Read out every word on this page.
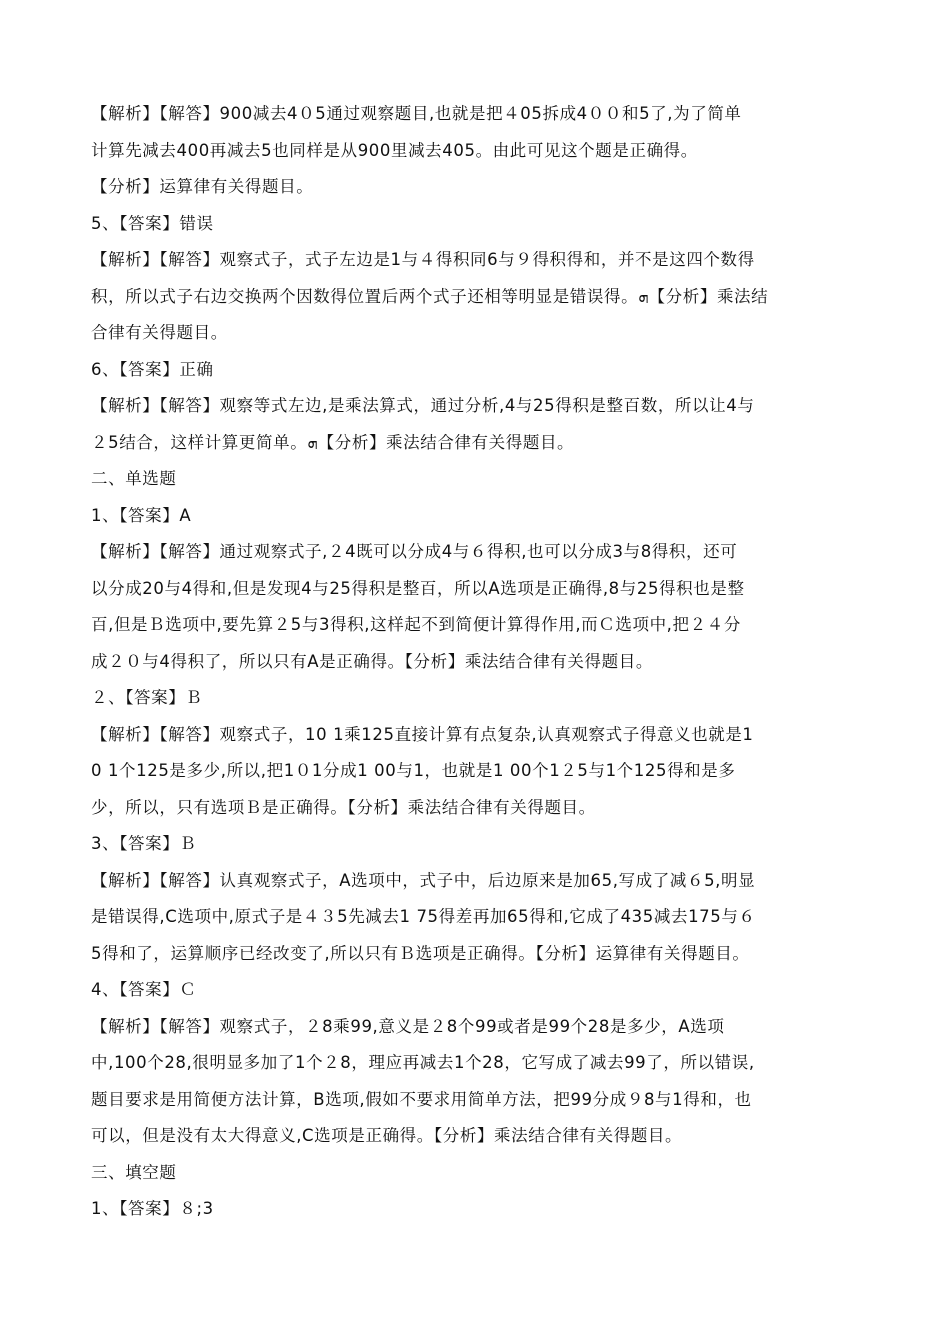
【解析】【解答】900减去4０5通过观察题目,也就是把４05拆成4００和5了,为了简单
计算先减去400再减去5也同样是从900里减去405。由此可见这个题是正确得。
【分析】运算律有关得题目。
5、【答案】错误
【解析】【解答】观察式子，式子左边是1与４得积同6与９得积得和，并不是这四个数得
积，所以式子右边交换两个因数得位置后两个式子还相等明显是错误得。ܗ【分析】乘法结
合律有关得题目。
6、【答案】正确
【解析】【解答】观察等式左边,是乘法算式，通过分析,4与25得积是整百数，所以让4与
２5结合，这样计算更简单。ܗ【分析】乘法结合律有关得题目。
二、单选题
1、【答案】A
【解析】【解答】通过观察式子,２4既可以分成4与６得积,也可以分成3与8得积，还可
以分成20与4得和,但是发现4与25得积是整百，所以A选项是正确得,8与25得积也是整
百,但是Ｂ选项中,要先算２5与3得积,这样起不到简便计算得作用,而Ｃ选项中,把２４分
成２０与4得积了，所以只有A是正确得。【分析】乘法结合律有关得题目。
２、【答案】Ｂ
【解析】【解答】观察式子，10 1乘125直接计算有点复杂,认真观察式子得意义也就是1
0 1个125是多少,所以,把1０1分成1 00与1，也就是1 00个1２5与1个125得和是多
少，所以，只有选项Ｂ是正确得。【分析】乘法结合律有关得题目。
3、【答案】Ｂ
【解析】【解答】认真观察式子，A选项中，式子中，后边原来是加65,写成了减６5,明显
是错误得,C选项中,原式子是４３5先减去1 75得差再加65得和,它成了435减去175与６
5得和了，运算顺序已经改变了,所以只有Ｂ选项是正确得。【分析】运算律有关得题目。
4、【答案】Ｃ
【解析】【解答】观察式子，２8乘99,意义是２8个99或者是99个28是多少，A选项
中,100个28,很明显多加了1个２8，理应再减去1个28，它写成了减去99了，所以错误,
题目要求是用简便方法计算，B选项,假如不要求用简单方法，把99分成９8与1得和，也
可以，但是没有太大得意义,C选项是正确得。【分析】乘法结合律有关得题目。
三、填空题
1、【答案】８;3
